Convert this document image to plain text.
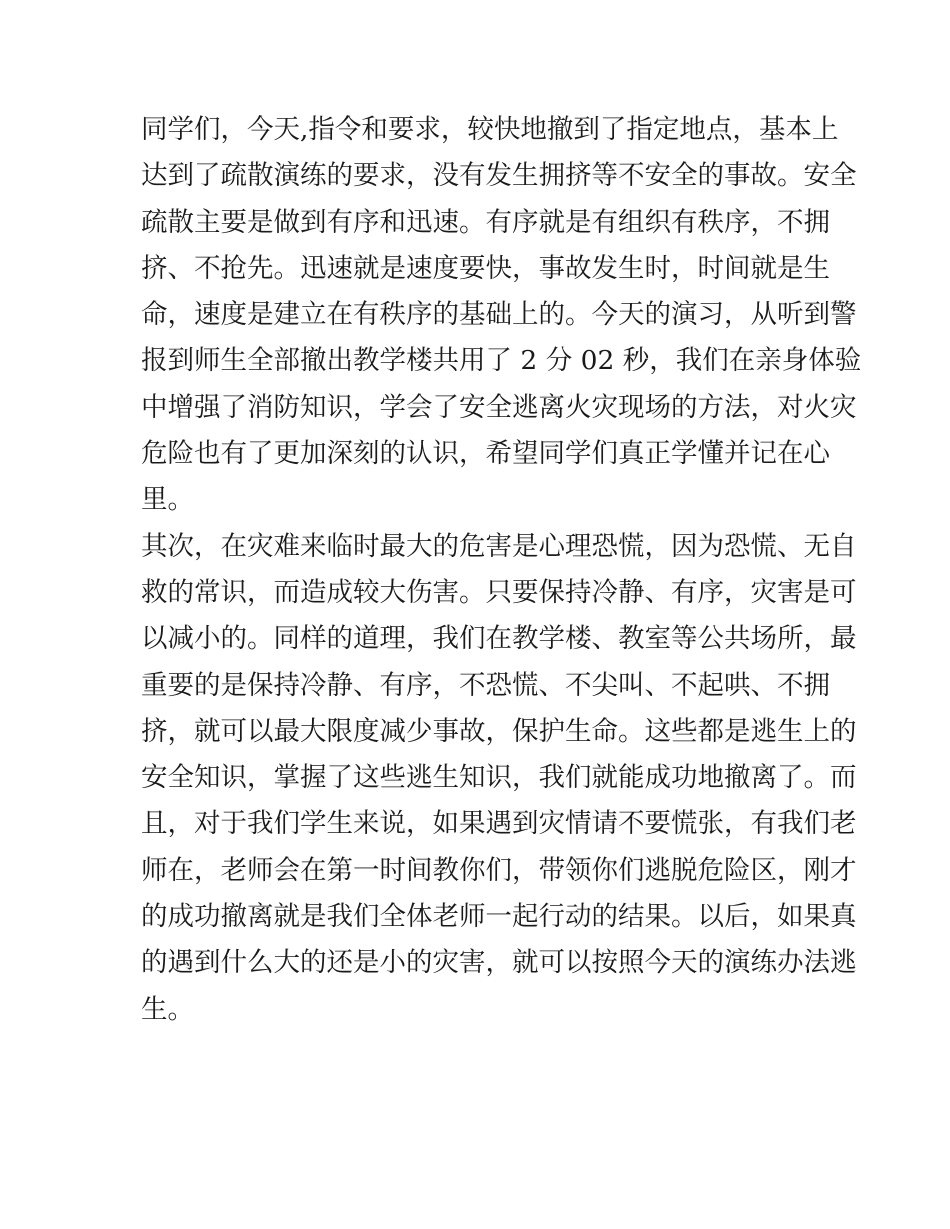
同学们，今天,指令和要求，较快地撤到了指定地点，基本上
达到了疏散演练的要求，没有发生拥挤等不安全的事故。安全
疏散主要是做到有序和迅速。有序就是有组织有秩序，不拥
挤、不抢先。迅速就是速度要快，事故发生时，时间就是生
命，速度是建立在有秩序的基础上的。今天的演习，从听到警
报到师生全部撤出教学楼共用了 2 分 02 秒，我们在亲身体验
中增强了消防知识，学会了安全逃离火灾现场的方法，对火灾
危险也有了更加深刻的认识，希望同学们真正学懂并记在心
里。
其次，在灾难来临时最大的危害是心理恐慌，因为恐慌、无自
救的常识，而造成较大伤害。只要保持冷静、有序，灾害是可
以减小的。同样的道理，我们在教学楼、教室等公共场所，最
重要的是保持冷静、有序，不恐慌、不尖叫、不起哄、不拥
挤，就可以最大限度减少事故，保护生命。这些都是逃生上的
安全知识，掌握了这些逃生知识，我们就能成功地撤离了。而
且，对于我们学生来说，如果遇到灾情请不要慌张，有我们老
师在，老师会在第一时间教你们，带领你们逃脱危险区，刚才
的成功撤离就是我们全体老师一起行动的结果。以后，如果真
的遇到什么大的还是小的灾害，就可以按照今天的演练办法逃
生。
